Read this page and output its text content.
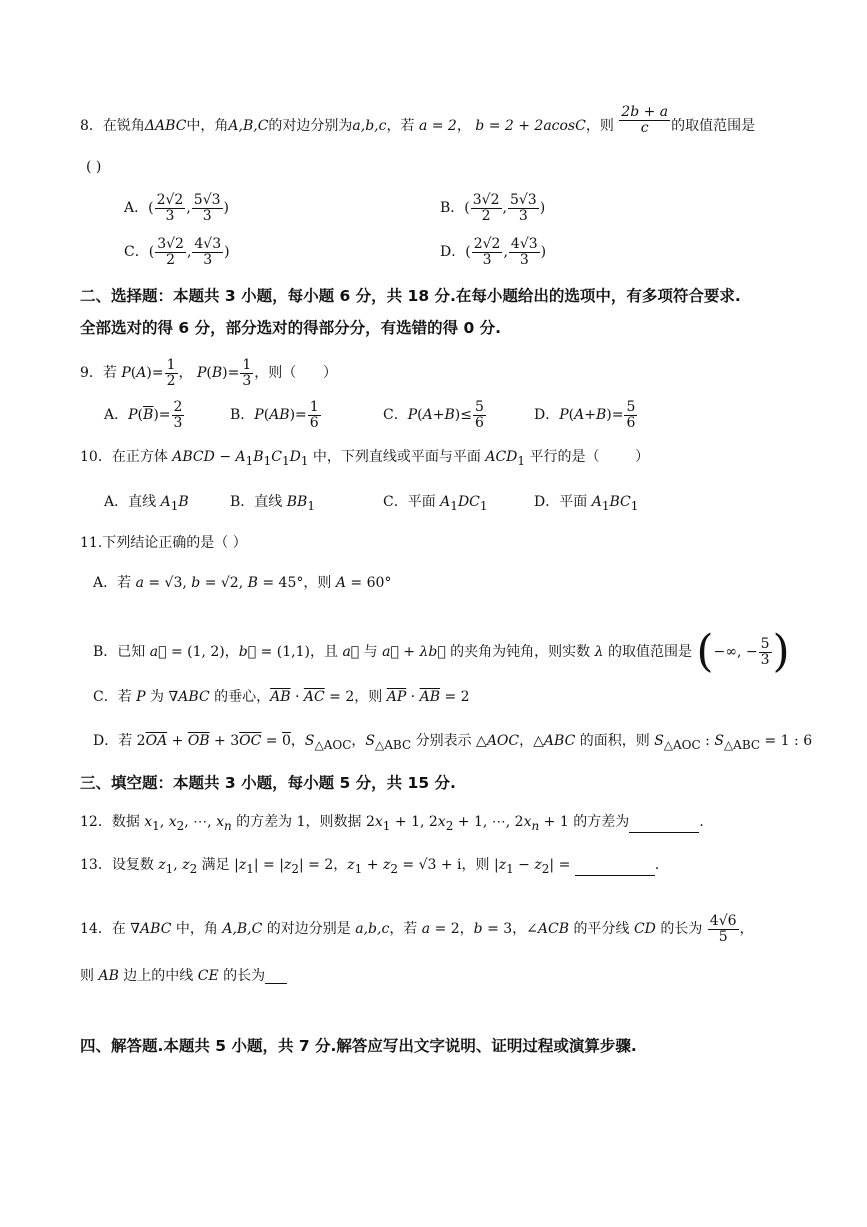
8．在锐角ΔABC中，角A,B,C的对边分别为a,b,c，若 a = 2， b = 2 + 2acosC，则 $\frac{2b + a}{c}$ 的取值范围是
( )
A．( $\frac{2√2}{3}$ , $\frac{5√3}{3}$ )	B．( $\frac{3√2}{2}$ , $\frac{5√3}{3}$ )
C．( $\frac{3√2}{2}$ , $\frac{4√3}{3}$ )	D．( $\frac{2√2}{3}$ , $\frac{4√3}{3}$ )
二、选择题：本题共 3 小题，每小题 6 分，共 18 分.在每小题给出的选项中，有多项符合要求.
全部选对的得 6 分，部分选对的得部分分，有选错的得 0 分.
9．若 $P(A)= \frac{1}{2}$ ， $P(B)= \frac{1}{3}$ ，则（      ）
A．$P(\overline{B})= \frac{2}{3}$	B．$P(AB)= \frac{1}{6}$	C．$P(A+B)\le \frac{5}{6}$	D．$P(A+B)= \frac{5}{6}$
10．在正方体 ABCD − $A_1B_1C_1D_1$ 中，下列直线或平面与平面 $ACD_1$ 平行的是（        ）
A．直线 $A_1B$	B．直线 $BB_1$	C．平面 $A_1DC_1$	D．平面 $A_1BC_1$
11.下列结论正确的是（ ）
A．若 a = √3, b = √2, B = 45°，则 A = 60°
B．已知 a⃗ = (1, 2)，b⃗ = (1,1)，且 a⃗ 与 a⃗ + λb⃗ 的夹角为钝角，则实数 λ 的取值范围是 (−∞, − $\frac{5}{3}$ )
C．若 P 为 ∇ABC 的垂心，$\overline{AB} \cdot \overline{AC} = 2$，则 $\overline{AP} \cdot \overline{AB} = 2$
D．若 $2\overline{OA} + \overline{OB} + 3\overline{OC} = 0$，$S_{\triangle AOC}$，$S_{\triangle ABC}$ 分别表示 △AOC，△ABC 的面积，则 $S_{\triangle AOC}$ : $S_{\triangle ABC} = 1$ : 6
三、填空题：本题共 3 小题，每小题 5 分，共 15 分.
12．数据 $x_1$, $x_2$, ⋯, $x_n$ 的方差为 1，则数据 $2x_1 + 1$, $2x_2 + 1$, ⋯, $2x_n + 1$ 的方差为	.
13．设复数 $z_1$, $z_2$ 满足 $|z_1| = |z_2| = 2$，$z_1 + z_2 = √3 + i$，则 $|z_1 - z_2|$ =	.
14．在 ∇ABC 中，角 A,B,C 的对边分别是 a,b,c，若 a = 2，b = 3，∠ACB 的平分线 CD 的长为 $\frac{4√6}{5}$ ，
则 AB 边上的中线 CE 的长为
四、解答题.本题共 5 小题，共 7 分.解答应写出文字说明、证明过程或演算步骤.
